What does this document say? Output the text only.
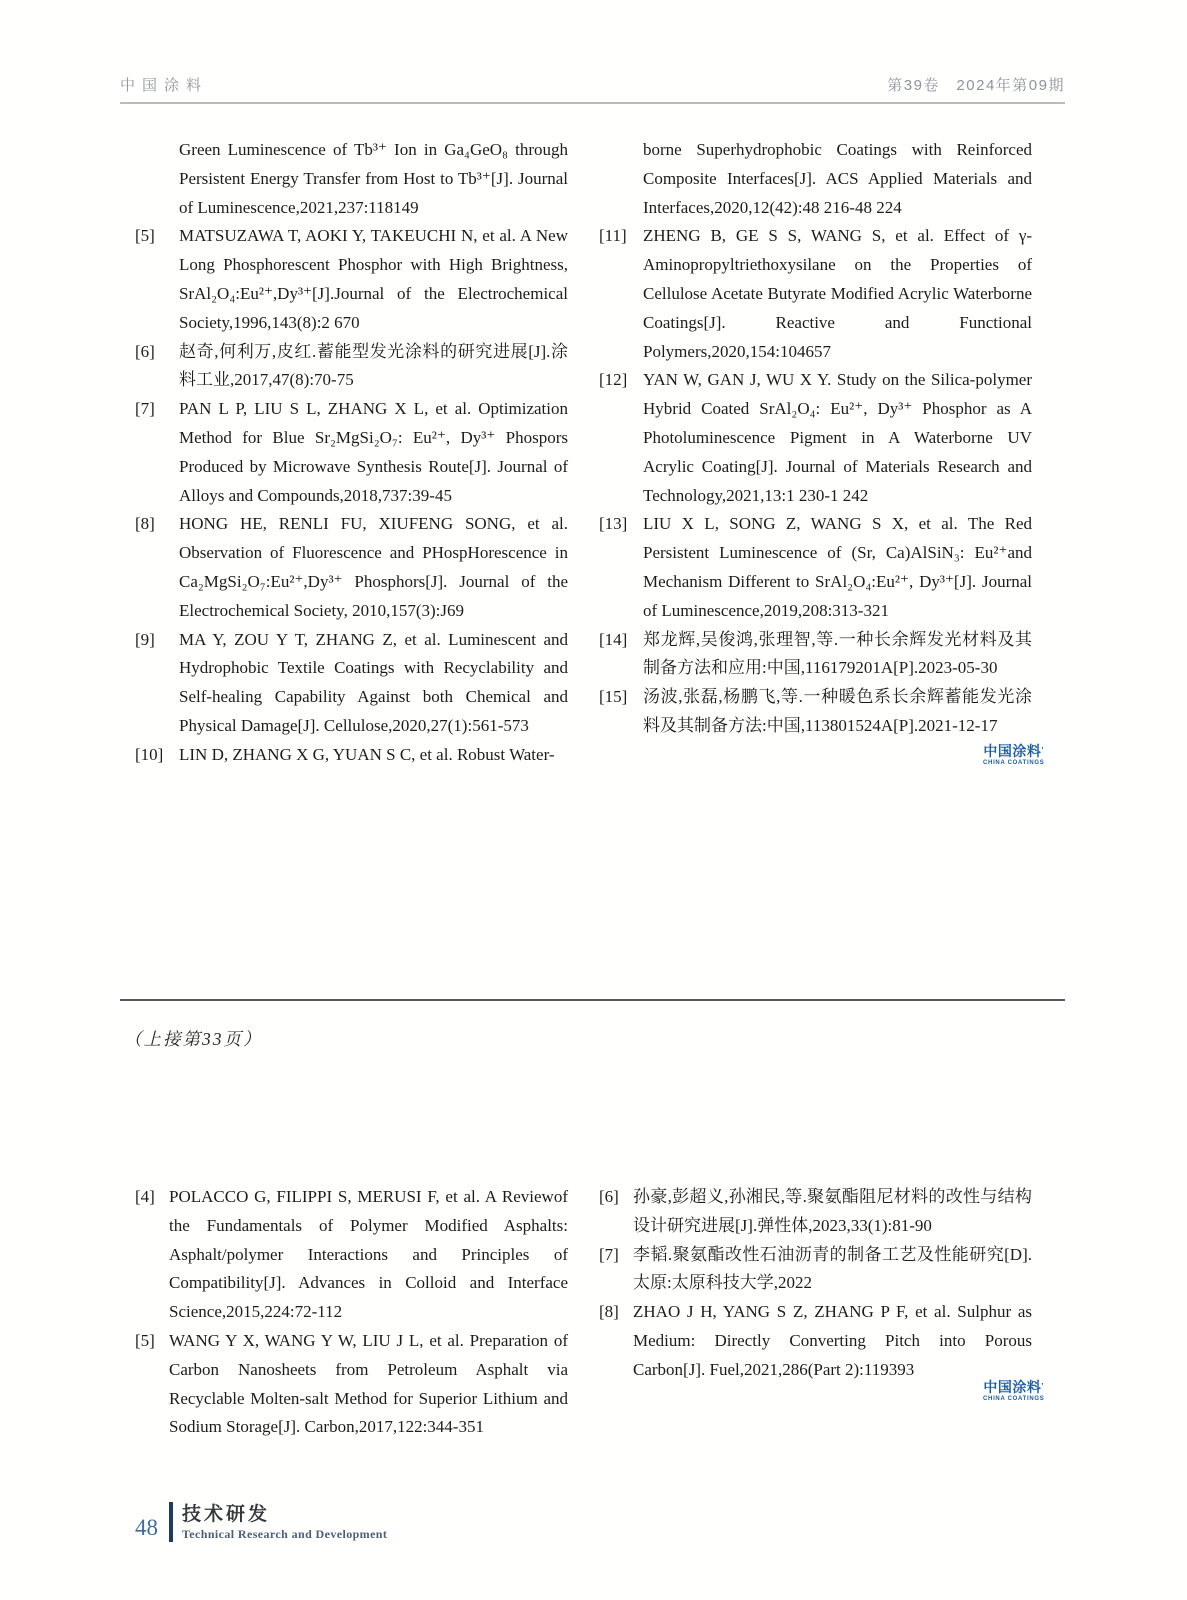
中国涂料	第39卷　2024年第09期
Green Luminescence of Tb³⁺ Ion in Ga₄GeO₈ through Persistent Energy Transfer from Host to Tb³⁺[J]. Journal of Luminescence,2021,237:118149
[5]	MATSUZAWA T, AOKI Y, TAKEUCHI N, et al. A New Long Phosphorescent Phosphor with High Brightness, SrAl₂O₄:Eu²⁺,Dy³⁺[J].Journal of the Electrochemical Society,1996,143(8):2 670
[6]	赵奇,何利万,皮红.蓄能型发光涂料的研究进展[J].涂料工业,2017,47(8):70-75
[7]	PAN L P, LIU S L, ZHANG X L, et al. Optimization Method for Blue Sr₂MgSi₂O₇: Eu²⁺, Dy³⁺ Phospors Produced by Microwave Synthesis Route[J]. Journal of Alloys and Compounds,2018,737:39-45
[8]	HONG HE, RENLI FU, XIUFENG SONG, et al. Observation of Fluorescence and PHospHorescence in Ca₂MgSi₂O₇:Eu²⁺,Dy³⁺ Phosphors[J]. Journal of the Electrochemical Society, 2010,157(3):J69
[9]	MA Y, ZOU Y T, ZHANG Z, et al. Luminescent and Hydrophobic Textile Coatings with Recyclability and Self-healing Capability Against both Chemical and Physical Damage[J]. Cellulose,2020,27(1):561-573
[10] LIN D, ZHANG X G, YUAN S C, et al. Robust Water-
borne Superhydrophobic Coatings with Reinforced Composite Interfaces[J]. ACS Applied Materials and Interfaces,2020,12(42):48 216-48 224
[11] ZHENG B, GE S S, WANG S, et al. Effect of γ-Aminopropyltriethoxysilane on the Properties of Cellulose Acetate Butyrate Modified Acrylic Waterborne Coatings[J]. Reactive and Functional Polymers,2020,154:104657
[12] YAN W, GAN J, WU X Y. Study on the Silica-polymer Hybrid Coated SrAl₂O₄: Eu²⁺, Dy³⁺ Phosphor as A Photoluminescence Pigment in A Waterborne UV Acrylic Coating[J]. Journal of Materials Research and Technology,2021,13:1 230-1 242
[13] LIU X L, SONG Z, WANG S X, et al. The Red Persistent Luminescence of (Sr, Ca)AlSiN₃: Eu²⁺and Mechanism Different to SrAl₂O₄:Eu²⁺, Dy³⁺[J]. Journal of Luminescence,2019,208:313-321
[14] 郑龙辉,吴俊鸿,张理智,等.一种长余辉发光材料及其制备方法和应用:中国,116179201A[P].2023-05-30
[15] 汤波,张磊,杨鹏飞,等.一种暖色系长余辉蓄能发光涂料及其制备方法:中国,113801524A[P].2021-12-17
中国涂料’
CHINA COATINGS
（上接第33页）
[4] POLACCO G, FILIPPI S, MERUSI F, et al. A Reviewof the Fundamentals of Polymer Modified Asphalts: Asphalt/polymer Interactions and Principles of Compatibility[J]. Advances in Colloid and Interface Science,2015,224:72-112
[5] WANG Y X, WANG Y W, LIU J L, et al. Preparation of Carbon Nanosheets from Petroleum Asphalt via Recyclable Molten-salt Method for Superior Lithium and Sodium Storage[J]. Carbon,2017,122:344-351
[6] 孙豪,彭超义,孙湘民,等.聚氨酯阻尼材料的改性与结构设计研究进展[J].弹性体,2023,33(1):81-90
[7] 李韬.聚氨酯改性石油沥青的制备工艺及性能研究[D].太原:太原科技大学,2022
[8] ZHAO J H, YANG S Z, ZHANG P F, et al. Sulphur as Medium: Directly Converting Pitch into Porous Carbon[J]. Fuel,2021,286(Part 2):119393
中国涂料’
CHINA COATINGS
48
技术研发
Technical Research and Development
